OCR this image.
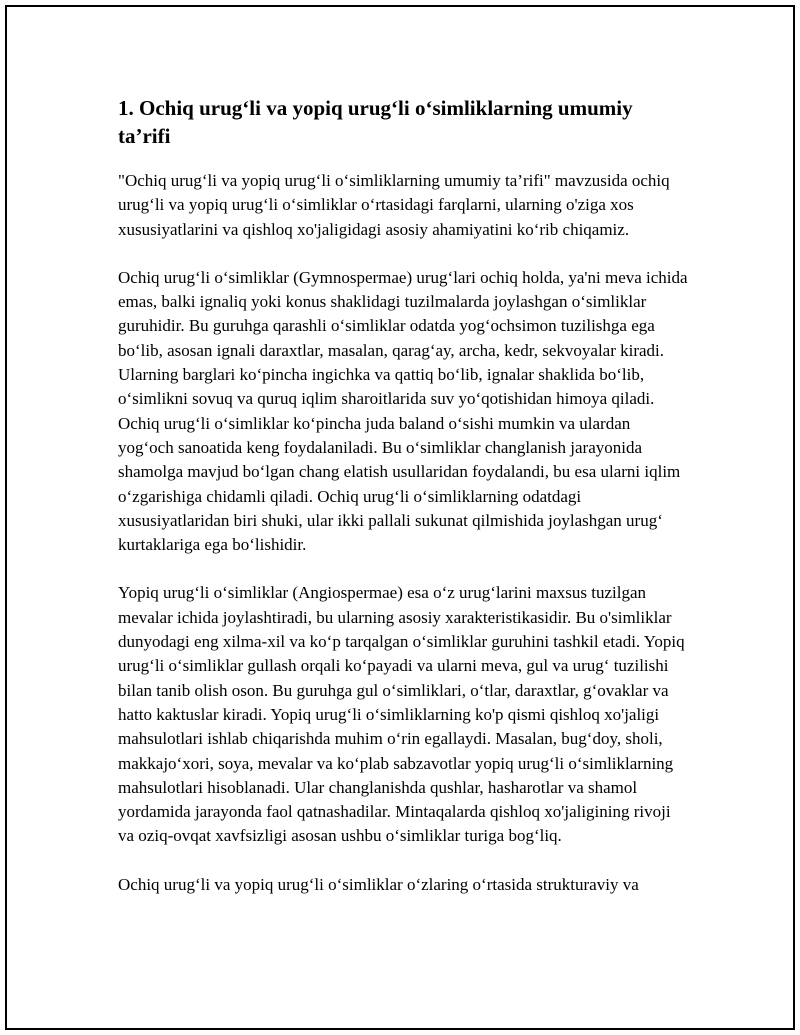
1. Ochiq urug‘li va yopiq urug‘li o‘simliklarning umumiy ta’rifi

"Ochiq urug‘li va yopiq urug‘li o‘simliklarning umumiy ta’rifi" mavzusida ochiq urug‘li va yopiq urug‘li o‘simliklar o‘rtasidagi farqlarni, ularning o'ziga xos xususiyatlarini va qishloq xo'jaligidagi asosiy ahamiyatini ko‘rib chiqamiz.

Ochiq urug‘li o‘simliklar (Gymnospermae) urug‘lari ochiq holda, ya'ni meva ichida emas, balki ignaliq yoki konus shaklidagi tuzilmalarda joylashgan o‘simliklar guruhidir. Bu guruhga qarashli o‘simliklar odatda yog‘ochsimon tuzilishga ega bo‘lib, asosan ignali daraxtlar, masalan, qarag‘ay, archa, kedr, sekvoyalar kiradi. Ularning barglari ko‘pincha ingichka va qattiq bo‘lib, ignalar shaklida bo‘lib, o‘simlikni sovuq va quruq iqlim sharoitlarida suv yo‘qotishidan himoya qiladi. Ochiq urug‘li o‘simliklar ko‘pincha juda baland o‘sishi mumkin va ulardan yog‘och sanoatida keng foydalaniladi. Bu o‘simliklar changlanish jarayonida shamolga mavjud bo‘lgan chang elatish usullaridan foydalandi, bu esa ularni iqlim o‘zgarishiga chidamli qiladi. Ochiq urug‘li o‘simliklarning odatdagi xususiyatlaridan biri shuki, ular ikki pallali sukunat qilmishida joylashgan urug‘ kurtaklariga ega bo‘lishidir.

Yopiq urug‘li o‘simliklar (Angiospermae) esa o‘z urug‘larini maxsus tuzilgan mevalar ichida joylashtiradi, bu ularning asosiy xarakteristikasidir. Bu o'simliklar dunyodagi eng xilma-xil va ko‘p tarqalgan o‘simliklar guruhini tashkil etadi. Yopiq urug‘li o‘simliklar gullash orqali ko‘payadi va ularni meva, gul va urug‘ tuzilishi bilan tanib olish oson. Bu guruhga gul o‘simliklari, o‘tlar, daraxtlar, g‘ovaklar va hatto kaktuslar kiradi. Yopiq urug‘li o‘simliklarning ko'p qismi qishloq xo'jaligi mahsulotlari ishlab chiqarishda muhim o‘rin egallaydi. Masalan, bug‘doy, sholi, makkajo‘xori, soya, mevalar va ko‘plab sabzavotlar yopiq urug‘li o‘simliklarning mahsulotlari hisoblanadi. Ular changlanishda qushlar, hasharotlar va shamol yordamida jarayonda faol qatnashadilar. Mintaqalarda qishloq xo'jaligining rivoji va oziq-ovqat xavfsizligi asosan ushbu o‘simliklar turiga bog‘liq.

Ochiq urug‘li va yopiq urug‘li o‘simliklar o‘zlaring o‘rtasida strukturaviy va
